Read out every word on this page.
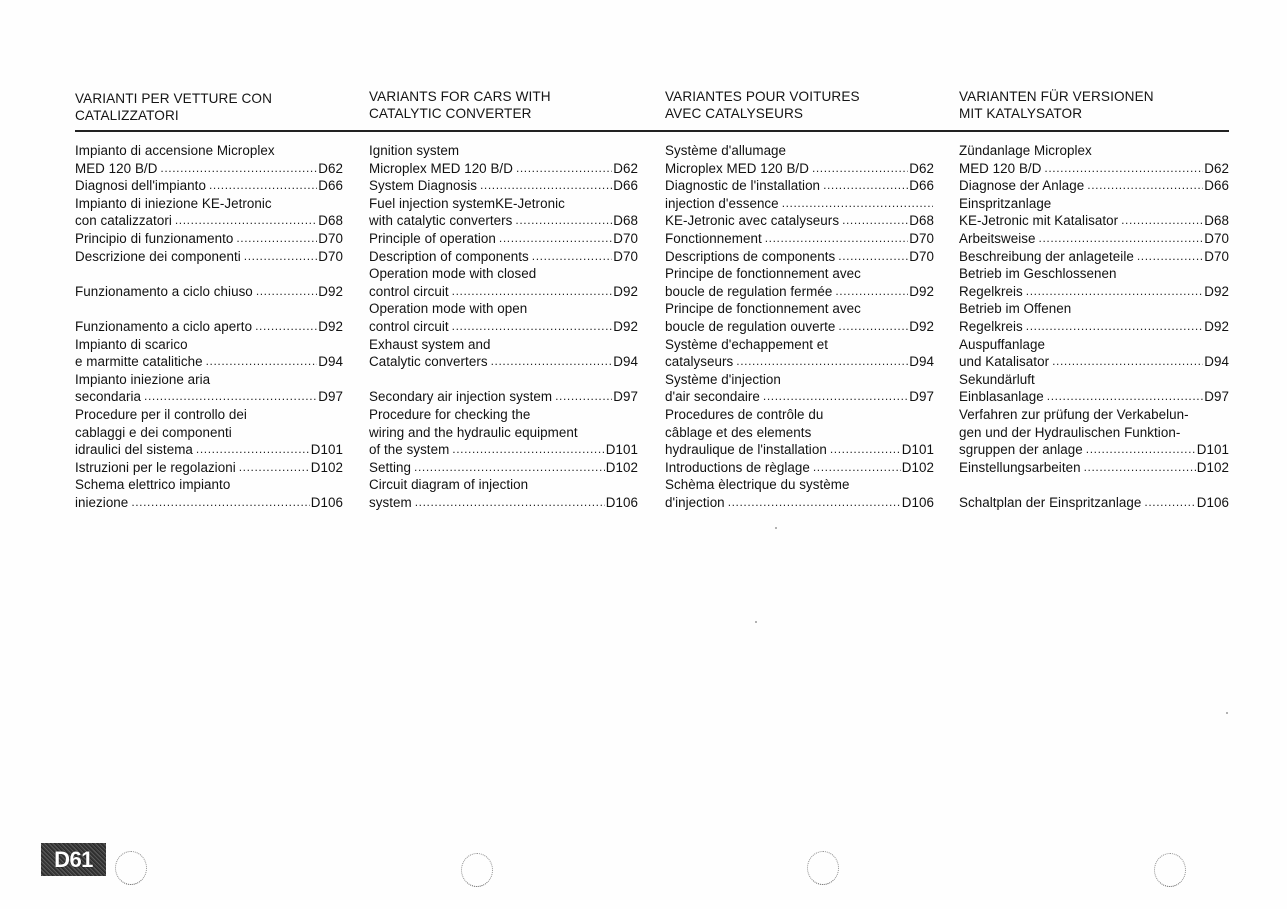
VARIANTI PER VETTURE CON
CATALIZZATORI
Impianto di accensione Microplex
MED 120 B/D .....	D62
Diagnosi dell'impianto .....	D66
Impianto di iniezione KE-Jetronic
con catalizzatori .....	D68
Principio di funzionamento .....	D70
Descrizione dei componenti .....	D70
Funzionamento a ciclo chiuso .....	D92
Funzionamento a ciclo aperto .....	D92
Impianto di scarico
e marmitte catalitiche .....	D94
Impianto iniezione aria
secondaria .....	D97
Procedure per il controllo dei
cablaggi e dei componenti
idraulici del sistema .....	D101
Istruzioni per le regolazioni .....	D102
Schema elettrico impianto
iniezione .....	D106
VARIANTS FOR CARS WITH
CATALYTIC CONVERTER
Ignition system
Microplex MED 120 B/D .....	D62
System Diagnosis .....	D66
Fuel injection systemKE-Jetronic
with catalytic converters .....	D68
Principle of operation .....	D70
Description of components .....	D70
Operation mode with closed
control circuit .....	D92
Operation mode with open
control circuit .....	D92
Exhaust system and
Catalytic converters .....	D94
Secondary air injection system .....	D97
Procedure for checking the
wiring and the hydraulic equipment
of the system .....	D101
Setting .....	D102
Circuit diagram of injection
system .....	D106
VARIANTES POUR VOITURES
AVEC CATALYSEURS
Système d'allumage
Microplex MED 120 B/D .....	D62
Diagnostic de l'installation .....	D66
injection d'essence
.....
KE-Jetronic avec catalyseurs .....	D68
Fonctionnement .....	D70
Descriptions de components .....	D70
Principe de fonctionnement avec
boucle de regulation fermée .....	D92
Principe de fonctionnement avec
boucle de regulation ouverte .....	D92
Système d'echappement et
catalyseurs .....	D94
Système d'injection
d'air secondaire .....	D97
Procedures de contrôle du
câblage et des elements
hydraulique de l'installation .....	D101
Introductions de règlage .....	D102
Schèma èlectrique du système
d'injection .....	D106
VARIANTEN FÜR VERSIONEN
MIT KATALYSATOR
Zündanlage Microplex
MED 120 B/D .....	D62
Diagnose der Anlage .....	D66
Einspritzanlage
KE-Jetronic mit Katalisator .....	D68
Arbeitsweise .....	D70
Beschreibung der anlageteile .....	D70
Betrieb im Geschlossenen
Regelkreis .....	D92
Betrieb im Offenen
Regelkreis .....	D92
Auspuffanlage
und Katalisator .....	D94
Sekundärluft
Einblasanlage .....	D97
Verfahren zur prüfung der Verkabelun-
gen und der Hydraulischen Funktion-
sgruppen der anlage .....	D101
Einstellungsarbeiten .....	D102
Schaltplan der Einspritzanlage .....	D106
D61
